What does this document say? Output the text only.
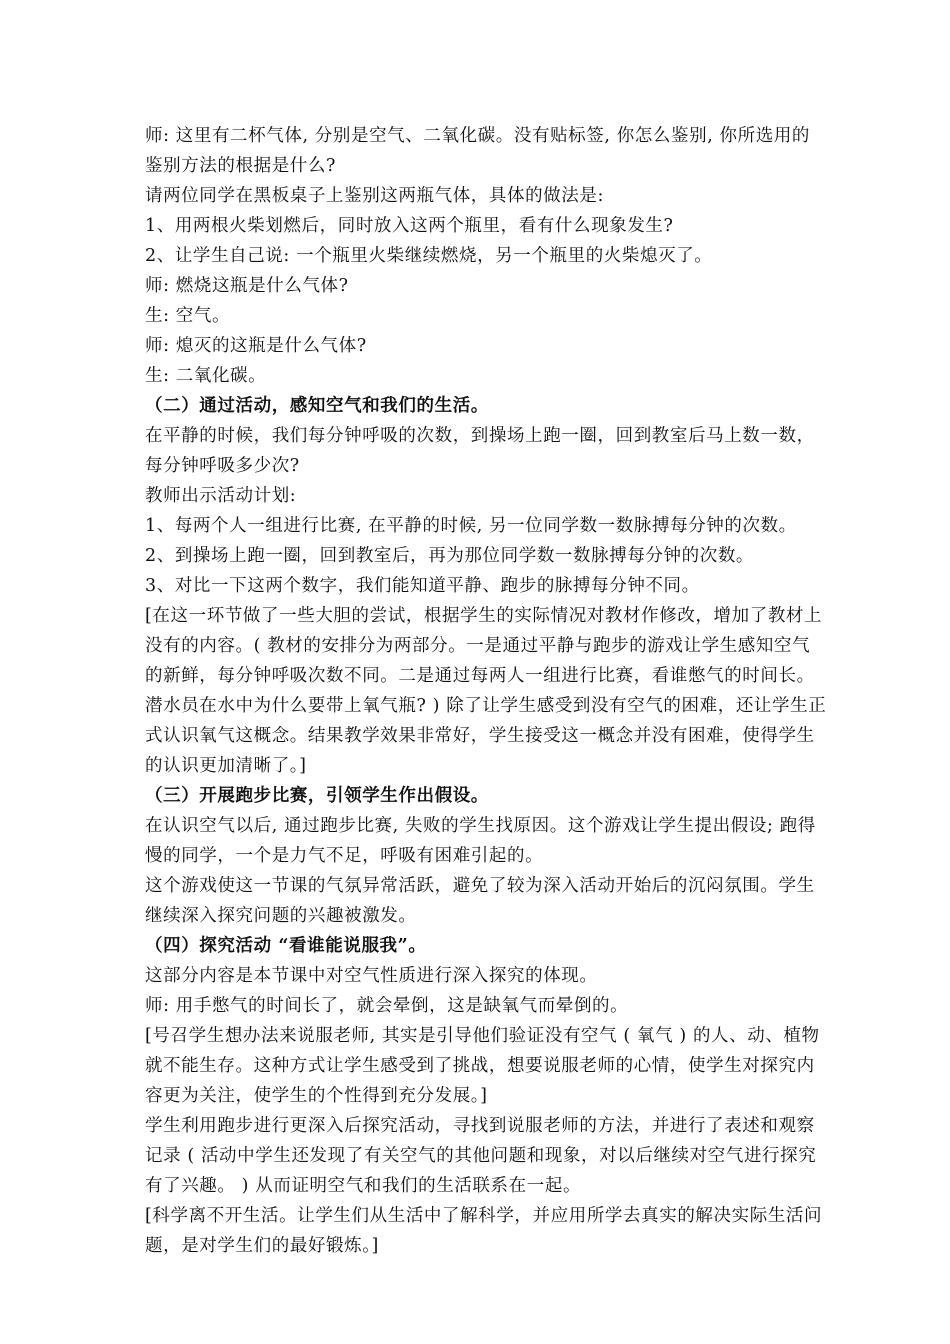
师: 这里有二杯气体, 分别是空气、二氧化碳。没有贴标签, 你怎么鉴别, 你所选用的鉴别方法的根据是什么?

请两位同学在黑板桌子上鉴别这两瓶气体，具体的做法是:

1、用两根火柴划燃后，同时放入这两个瓶里，看有什么现象发生?

2、让学生自己说: 一个瓶里火柴继续燃烧，另一个瓶里的火柴熄灭了。

师: 燃烧这瓶是什么气体?

生: 空气。

师: 熄灭的这瓶是什么气体?

生: 二氧化碳。

（二）通过活动，感知空气和我们的生活。

在平静的时候，我们每分钟呼吸的次数，到操场上跑一圈，回到教室后马上数一数，每分钟呼吸多少次?

教师出示活动计划:

1、每两个人一组进行比赛, 在平静的时候, 另一位同学数一数脉搏每分钟的次数。

2、到操场上跑一圈，回到教室后，再为那位同学数一数脉搏每分钟的次数。

3、对比一下这两个数字，我们能知道平静、跑步的脉搏每分钟不同。

[在这一环节做了一些大胆的尝试，根据学生的实际情况对教材作修改，增加了教材上没有的内容。( 教材的安排分为两部分。一是通过平静与跑步的游戏让学生感知空气的新鲜，每分钟呼吸次数不同。二是通过每两人一组进行比赛，看谁憋气的时间长。潜水员在水中为什么要带上氧气瓶? ) 除了让学生感受到没有空气的困难，还让学生正式认识氧气这概念。结果教学效果非常好，学生接受这一概念并没有困难，使得学生的认识更加清晰了。]

（三）开展跑步比赛，引领学生作出假设。

在认识空气以后, 通过跑步比赛, 失败的学生找原因。这个游戏让学生提出假设; 跑得慢的同学，一个是力气不足，呼吸有困难引起的。

这个游戏使这一节课的气氛异常活跃，避免了较为深入活动开始后的沉闷氛围。学生继续深入探究问题的兴趣被激发。

（四）探究活动 “看谁能说服我”。

这部分内容是本节课中对空气性质进行深入探究的体现。

师: 用手憋气的时间长了，就会晕倒，这是缺氧气而晕倒的。

[号召学生想办法来说服老师, 其实是引导他们验证没有空气 ( 氧气 ) 的人、动、植物就不能生存。这种方式让学生感受到了挑战，想要说服老师的心情，使学生对探究内容更为关注，使学生的个性得到充分发展。]

学生利用跑步进行更深入后探究活动，寻找到说服老师的方法，并进行了表述和观察记录 ( 活动中学生还发现了有关空气的其他问题和现象，对以后继续对空气进行探究有了兴趣。 ) 从而证明空气和我们的生活联系在一起。

[科学离不开生活。让学生们从生活中了解科学，并应用所学去真实的解决实际生活问题，是对学生们的最好锻炼。]
